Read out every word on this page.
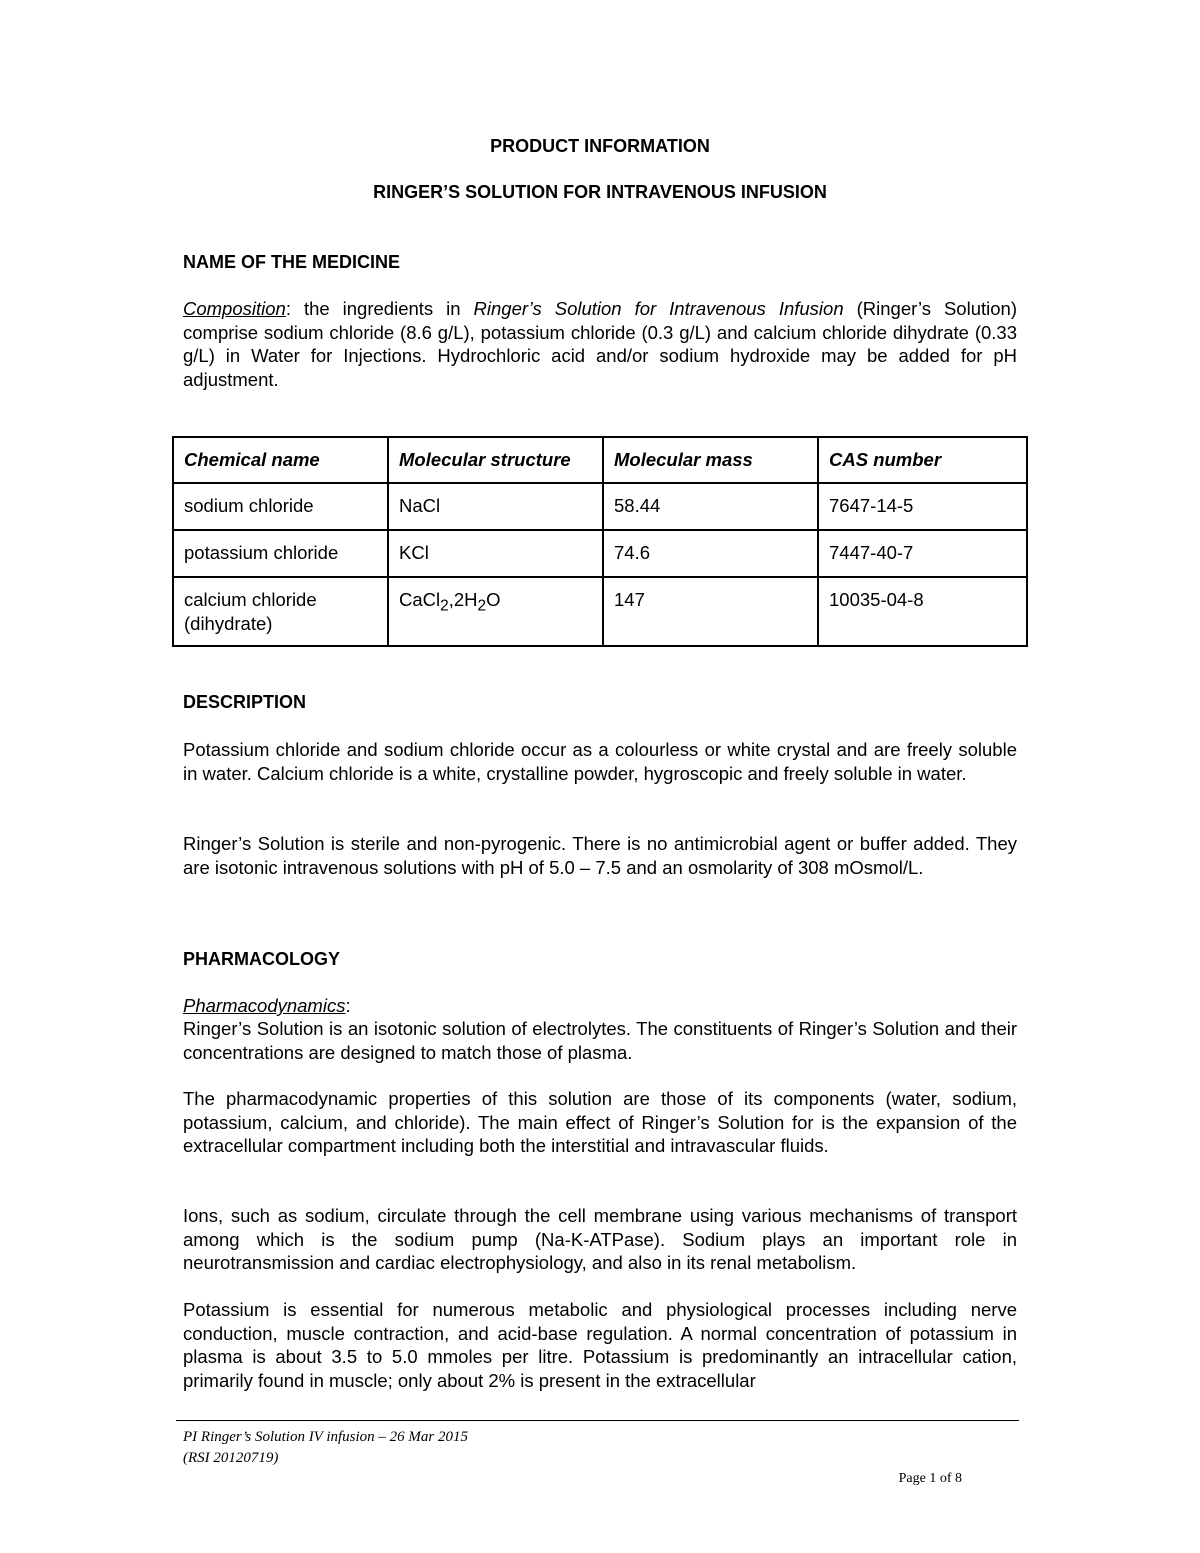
PRODUCT INFORMATION
RINGER’S SOLUTION FOR INTRAVENOUS INFUSION
NAME OF THE MEDICINE
Composition: the ingredients in Ringer’s Solution for Intravenous Infusion (Ringer’s Solution) comprise sodium chloride (8.6 g/L), potassium chloride (0.3 g/L) and calcium chloride dihydrate (0.33 g/L) in Water for Injections. Hydrochloric acid and/or sodium hydroxide may be added for pH adjustment.
Chemical name	Molecular structure	Molecular mass	CAS number
sodium chloride	NaCl	58.44	7647-14-5
potassium chloride	KCl	74.6	7447-40-7
calcium chloride
(dihydrate)	$CaCl_2,2H_2O$	147	10035-04-8
DESCRIPTION
Potassium chloride and sodium chloride occur as a colourless or white crystal and are freely soluble in water. Calcium chloride is a white, crystalline powder, hygroscopic and freely soluble in water.
Ringer’s Solution is sterile and non-pyrogenic. There is no antimicrobial agent or buffer added. They are isotonic intravenous solutions with pH of 5.0 – 7.5 and an osmolarity of 308 mOsmol/L.
PHARMACOLOGY
Pharmacodynamics:
Ringer’s Solution is an isotonic solution of electrolytes. The constituents of Ringer’s Solution and their concentrations are designed to match those of plasma.
The pharmacodynamic properties of this solution are those of its components (water, sodium, potassium, calcium, and chloride). The main effect of Ringer’s Solution for is the expansion of the extracellular compartment including both the interstitial and intravascular fluids.
Ions, such as sodium, circulate through the cell membrane using various mechanisms of transport among which is the sodium pump (Na-K-ATPase). Sodium plays an important role in neurotransmission and cardiac electrophysiology, and also in its renal metabolism.
Potassium is essential for numerous metabolic and physiological processes including nerve conduction, muscle contraction, and acid-base regulation. A normal concentration of potassium in plasma is about 3.5 to 5.0 mmoles per litre. Potassium is predominantly an intracellular cation, primarily found in muscle; only about 2% is present in the extracellular
PI Ringer’s Solution IV infusion – 26 Mar 2015
(RSI 20120719)
Page 1 of 8
